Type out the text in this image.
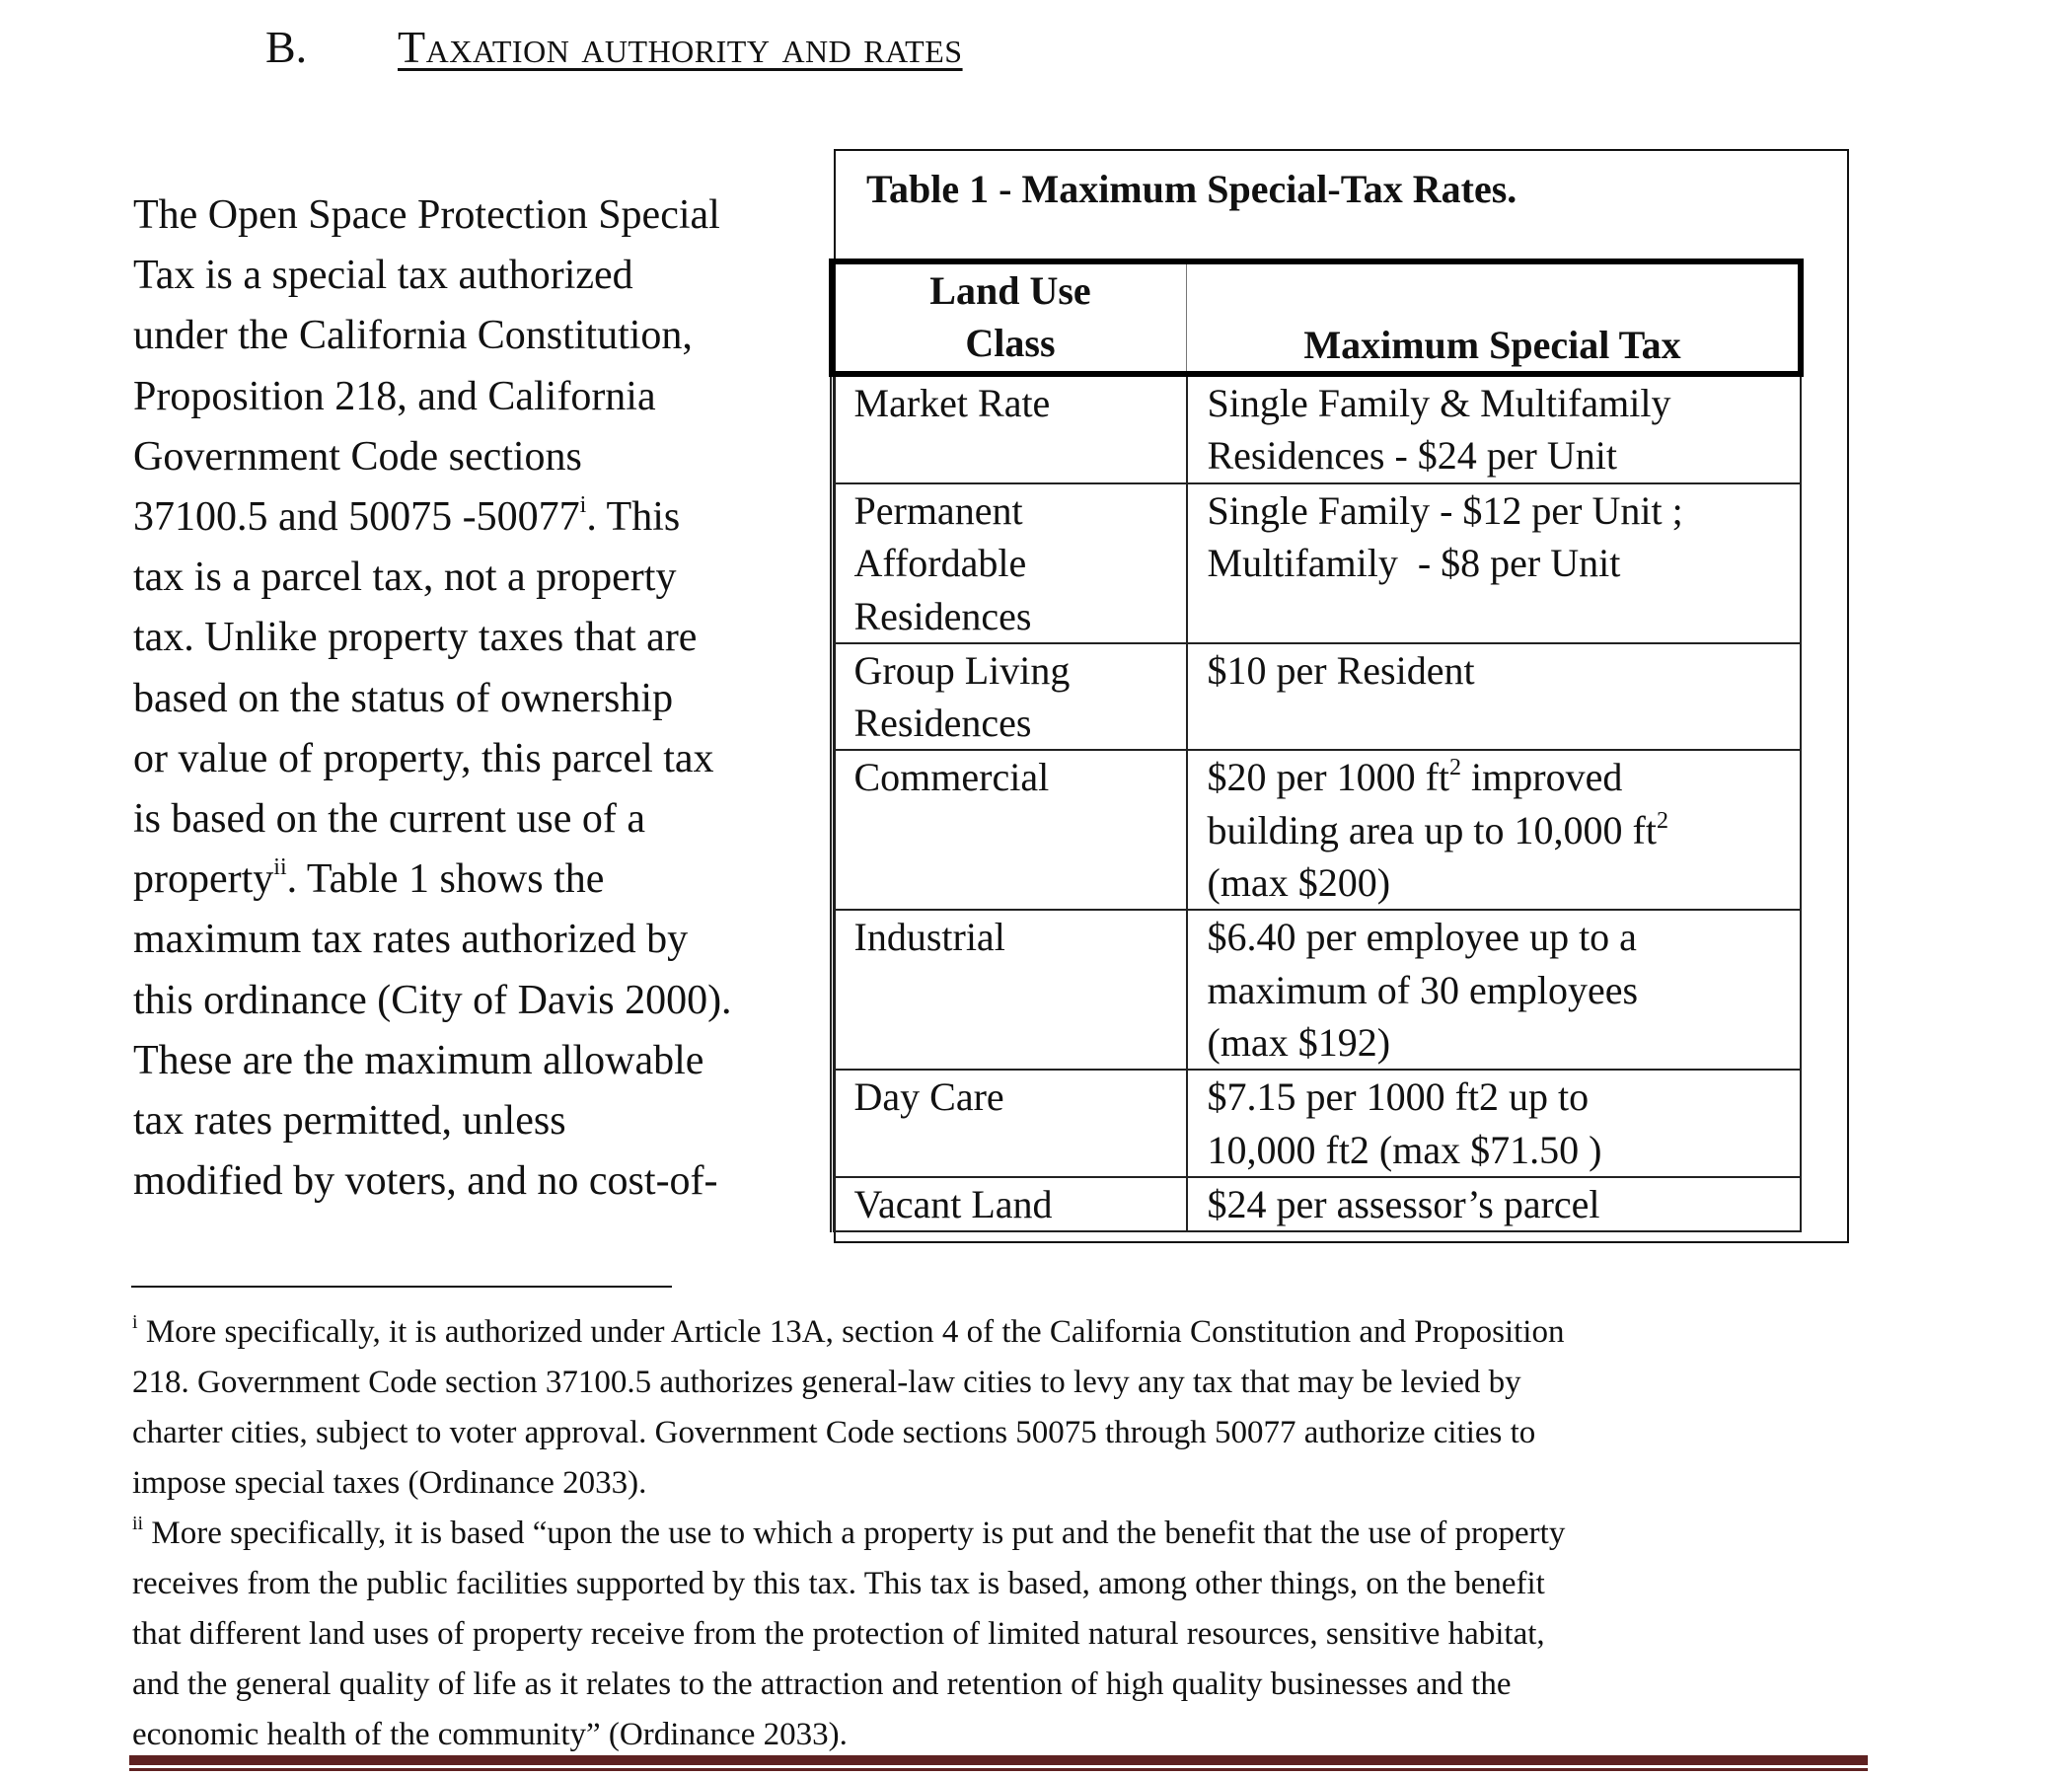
B. Taxation authority and rates
The Open Space Protection Special
Tax is a special tax authorized
under the California Constitution,
Proposition 218, and California
Government Code sections
37100.5 and 50075 -50077$^i$. This
tax is a parcel tax, not a property
tax. Unlike property taxes that are
based on the status of ownership
or value of property, this parcel tax
is based on the current use of a
property$^{ii}$. Table 1 shows the
maximum tax rates authorized by
this ordinance (City of Davis 2000).
These are the maximum allowable
tax rates permitted, unless
modified by voters, and no cost-of-
Table 1 - Maximum Special-Tax Rates.
Land Use
Class	Maximum Special Tax

Market Rate	Single Family & Multifamily
Residences - $24 per Unit

Permanent
Affordable
Residences	Single Family - $12 per Unit ;
Multifamily  - $8 per Unit

Group Living
Residences	$10 per Resident

Commercial	$20 per 1000 $ft^2$ improved
building area up to 10,000 $ft^2$
(max $200)

Industrial	$6.40 per employee up to a
maximum of 30 employees
(max $192)

Day Care	$7.15 per 1000 ft2 up to
10,000 ft2 (max $71.50 )

Vacant Land	$24 per assessor’s parcel
$^i$ More specifically, it is authorized under Article 13A, section 4 of the California Constitution and Proposition
218. Government Code section 37100.5 authorizes general-law cities to levy any tax that may be levied by
charter cities, subject to voter approval. Government Code sections 50075 through 50077 authorize cities to
impose special taxes (Ordinance 2033).
$^{ii}$ More specifically, it is based “upon the use to which a property is put and the benefit that the use of property
receives from the public facilities supported by this tax. This tax is based, among other things, on the benefit
that different land uses of property receive from the protection of limited natural resources, sensitive habitat,
and the general quality of life as it relates to the attraction and retention of high quality businesses and the
economic health of the community” (Ordinance 2033).
